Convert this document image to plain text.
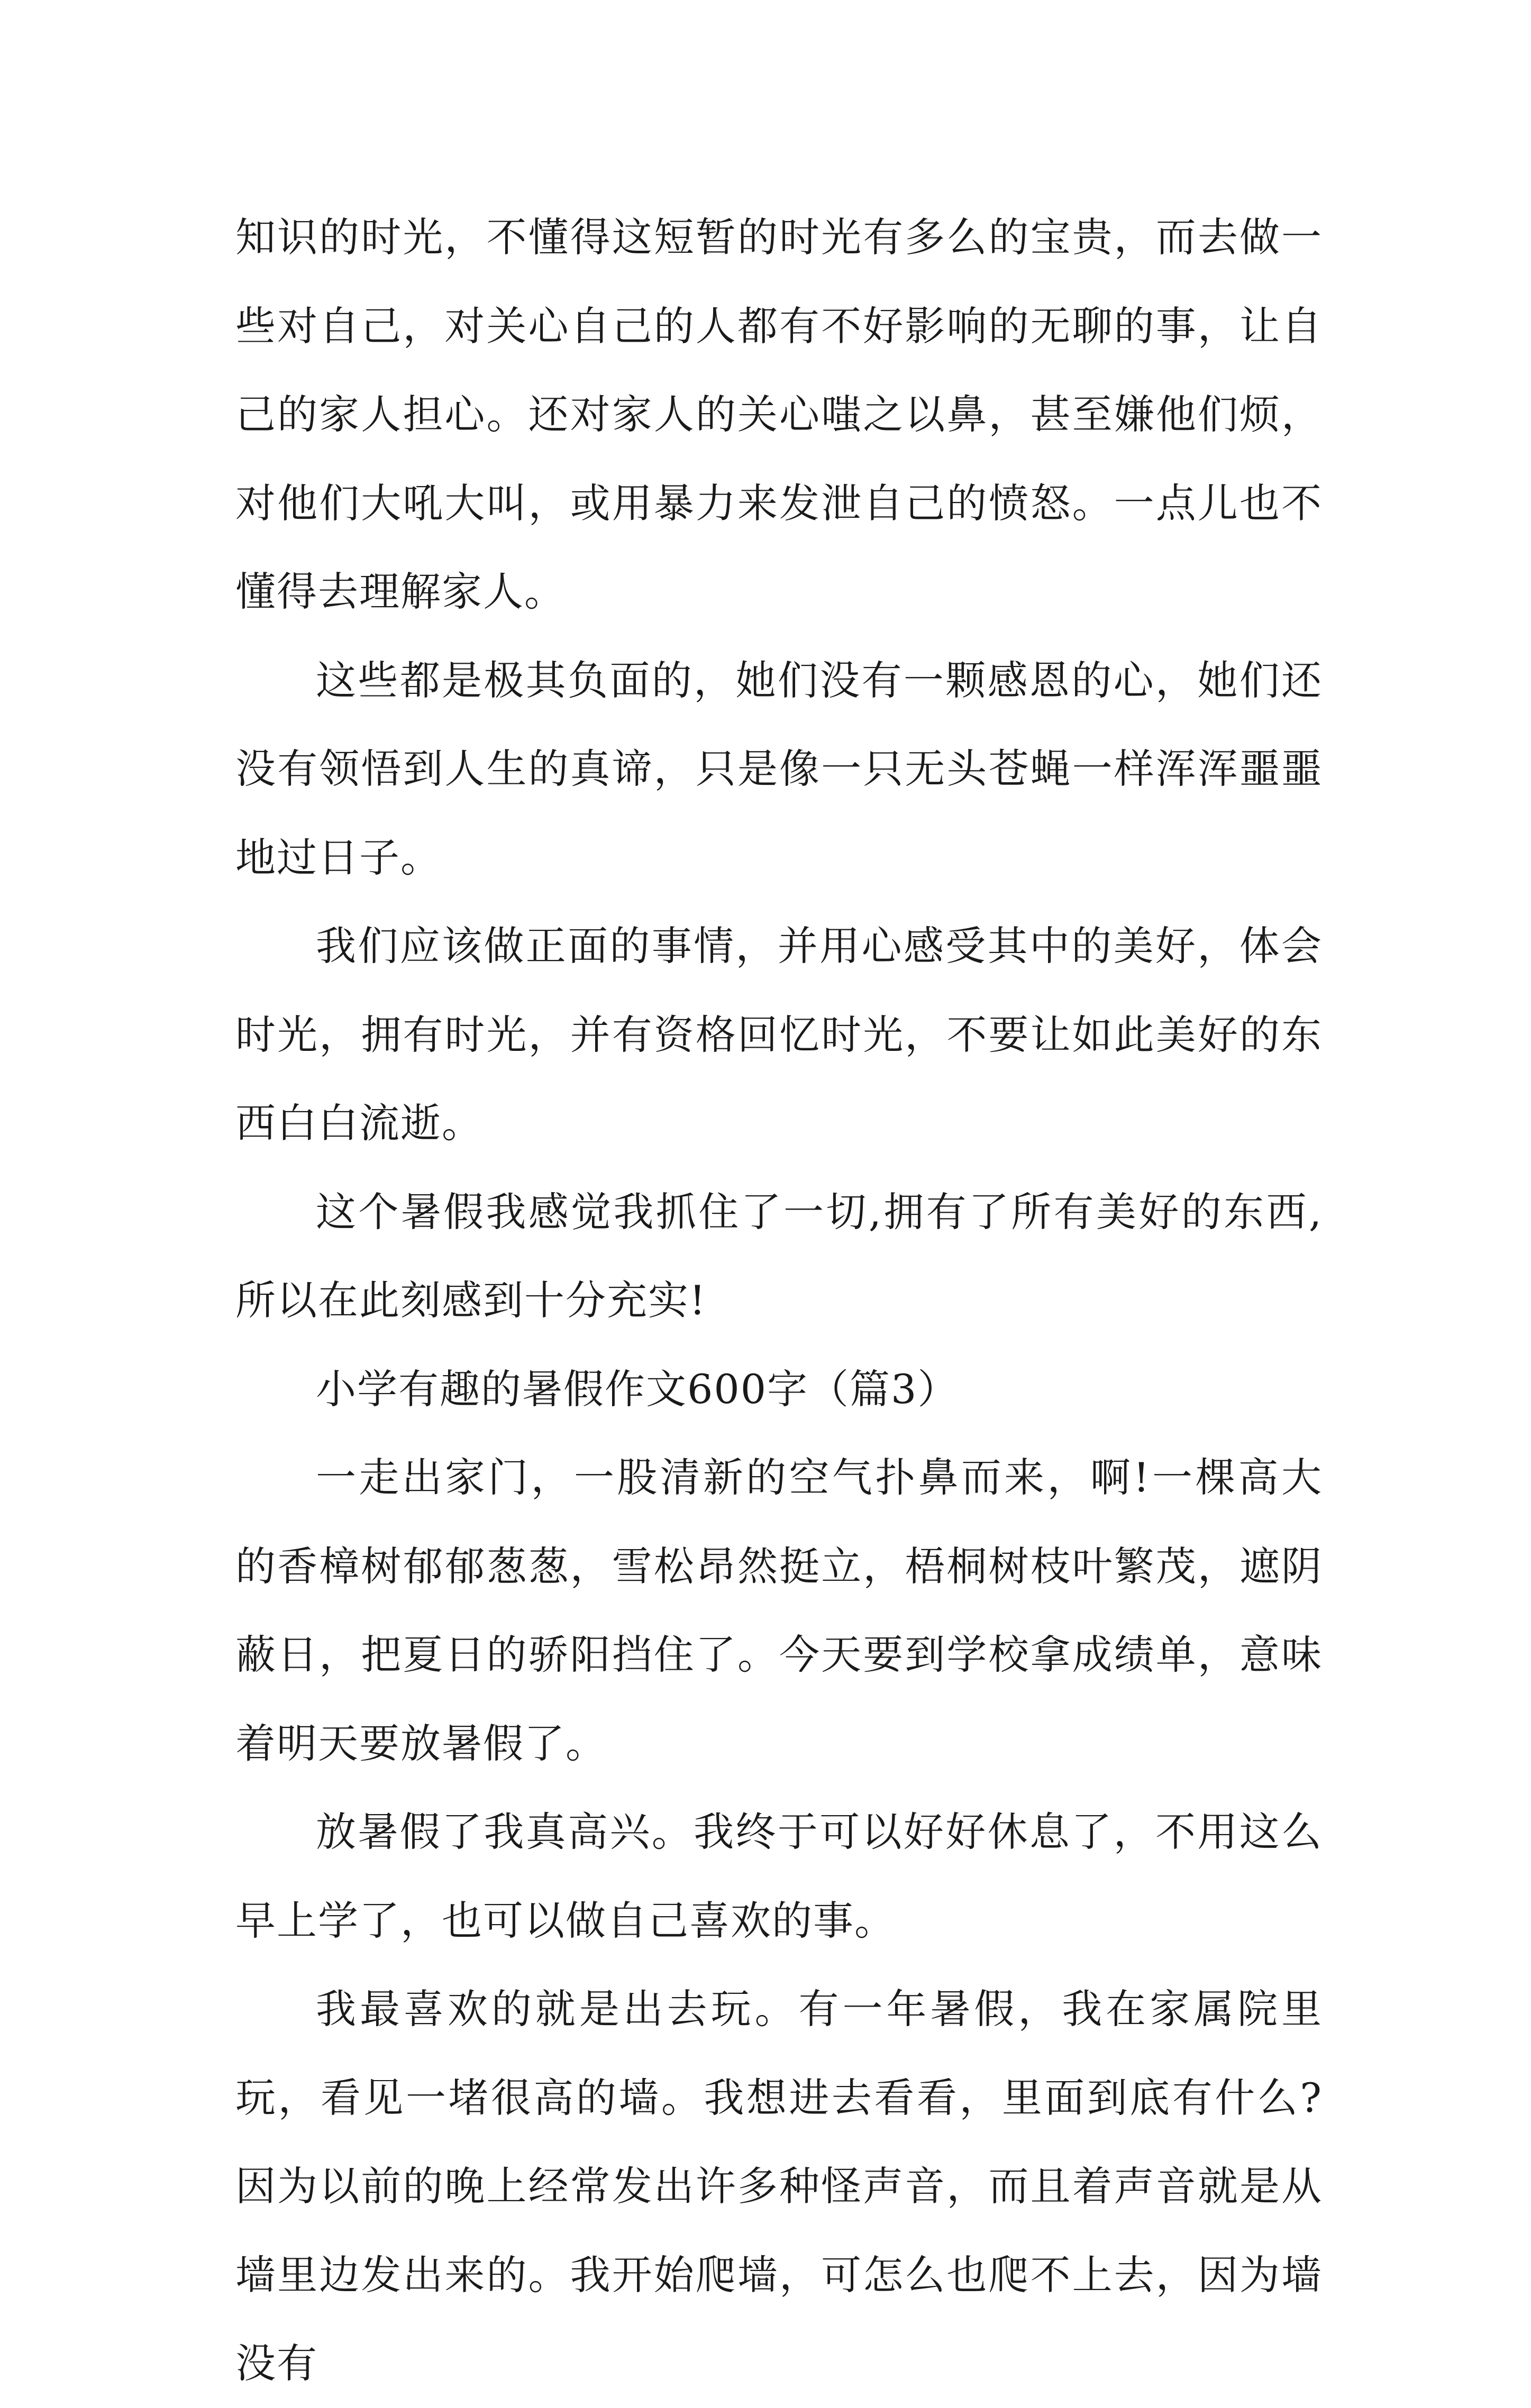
知识的时光，不懂得这短暂的时光有多么的宝贵，而去做一些对自己，对关心自己的人都有不好影响的无聊的事，让自己的家人担心。还对家人的关心嗤之以鼻，甚至嫌他们烦，对他们大吼大叫，或用暴力来发泄自己的愤怒。一点儿也不懂得去理解家人。

这些都是极其负面的，她们没有一颗感恩的心，她们还没有领悟到人生的真谛，只是像一只无头苍蝇一样浑浑噩噩地过日子。

我们应该做正面的事情，并用心感受其中的美好，体会时光，拥有时光，并有资格回忆时光，不要让如此美好的东西白白流逝。

这个暑假我感觉我抓住了一切,拥有了所有美好的东西,所以在此刻感到十分充实!

小学有趣的暑假作文600字（篇3）

一走出家门，一股清新的空气扑鼻而来，啊!一棵高大的香樟树郁郁葱葱，雪松昂然挺立，梧桐树枝叶繁茂，遮阴蔽日，把夏日的骄阳挡住了。今天要到学校拿成绩单，意味着明天要放暑假了。

放暑假了我真高兴。我终于可以好好休息了，不用这么早上学了，也可以做自己喜欢的事。

我最喜欢的就是出去玩。有一年暑假，我在家属院里玩，看见一堵很高的墙。我想进去看看，里面到底有什么?因为以前的晚上经常发出许多种怪声音，而且着声音就是从墙里边发出来的。我开始爬墙，可怎么也爬不上去，因为墙没有
